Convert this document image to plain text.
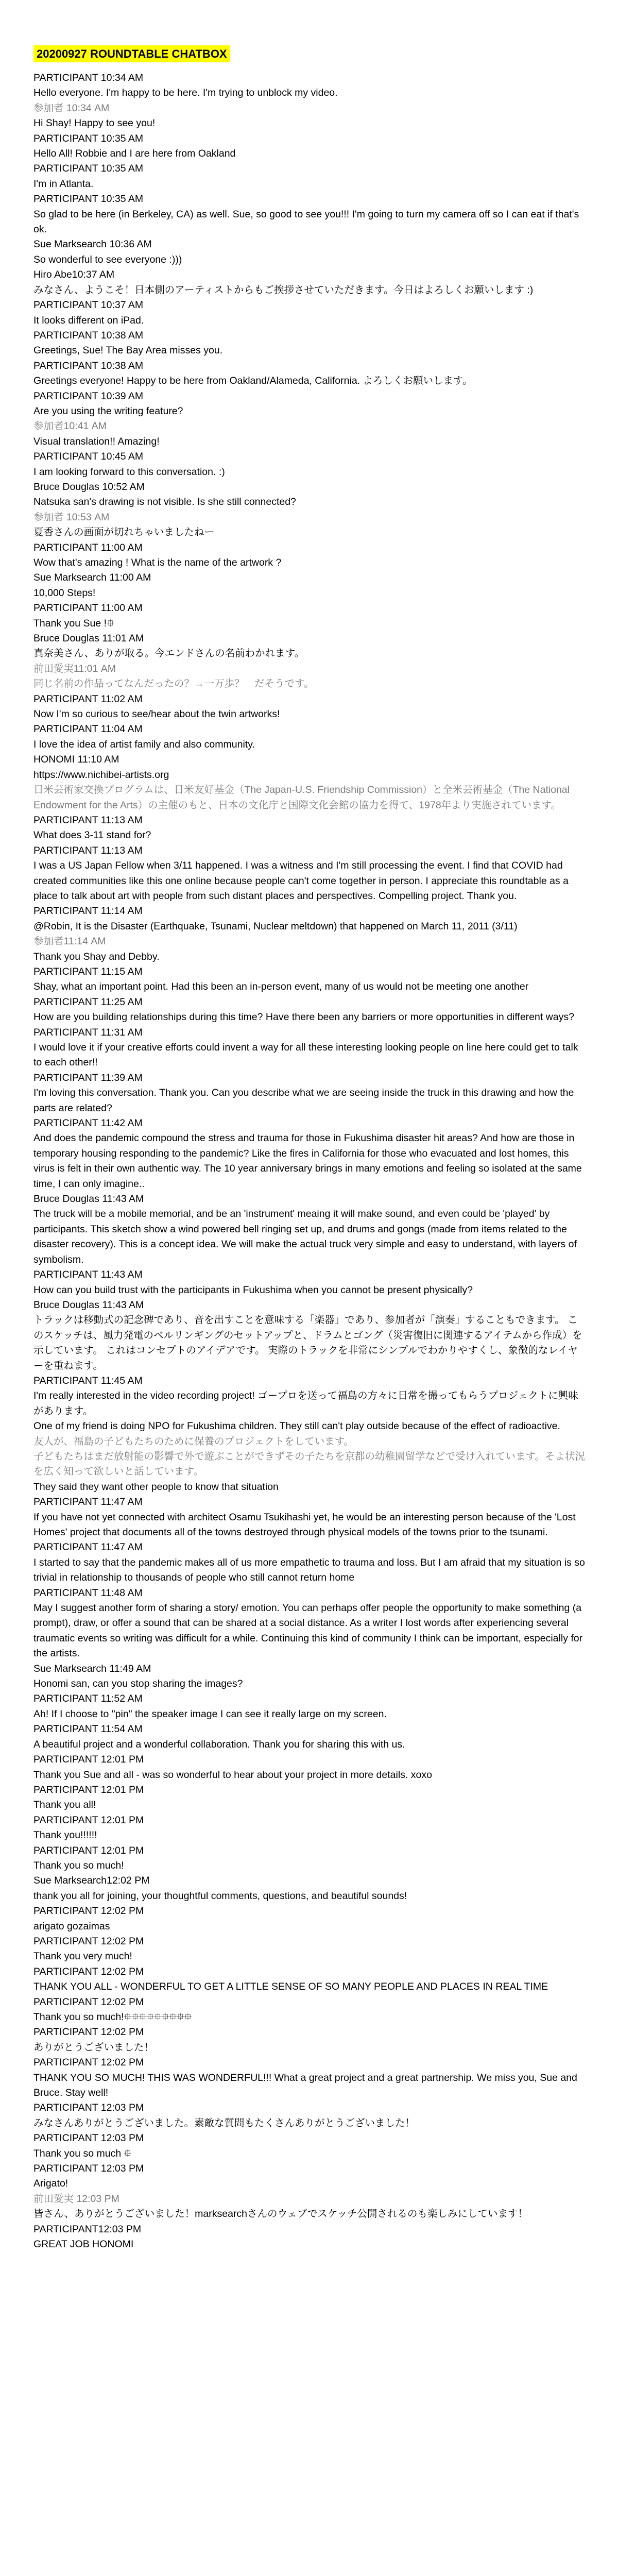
20200927 ROUNDTABLE CHATBOX

PARTICIPANT 10:34 AM

Hello everyone. I'm happy to be here. I'm trying to unblock my video.

参加者 10:34 AM

Hi Shay! Happy to see you!

PARTICIPANT 10:35 AM

Hello All! Robbie and I are here from Oakland

PARTICIPANT 10:35 AM

I'm in Atlanta.

PARTICIPANT 10:35 AM

So glad to be here (in Berkeley, CA) as well. Sue, so good to see you!!! I'm going to turn my camera off so I can eat if that's ok.

Sue Marksearch 10:36 AM

So wonderful to see everyone :)))

Hiro Abe10:37 AM

みなさん、ようこそ！日本側のアーティストからもご挨拶させていただきます。今日はよろしくお願いします :)

PARTICIPANT 10:37 AM

It looks different on iPad.

PARTICIPANT 10:38 AM

Greetings, Sue! The Bay Area misses you.

PARTICIPANT 10:38 AM

Greetings everyone! Happy to be here from Oakland/Alameda, California. よろしくお願いします。

PARTICIPANT 10:39 AM

Are you using the writing feature?

参加者10:41 AM

Visual translation!! Amazing!

PARTICIPANT 10:45 AM

I am looking forward to this conversation. :)

Bruce Douglas 10:52 AM

Natsuka san's drawing is not visible. Is she still connected?

参加者 10:53 AM

夏香さんの画面が切れちゃいましたねー

PARTICIPANT 11:00 AM

Wow that's amazing ! What is the name of the artwork ?

Sue Marksearch 11:00 AM

10,000 Steps!

PARTICIPANT 11:00 AM

Thank you Sue !⯐

Bruce Douglas 11:01 AM

真奈美さん、ありが取る。今エンドさんの名前わかれます。

前田愛実11:01 AM

同じ名前の作品ってなんだったの？→一万歩？　だそうです。

PARTICIPANT 11:02 AM

Now I'm so curious to see/hear about the twin artworks!

PARTICIPANT 11:04 AM

I love the idea of artist family and also community.

HONOMI 11:10 AM

https://www.nichibei-artists.org

日米芸術家交換プログラムは、日米友好基金（The Japan-U.S. Friendship Commission）と全米芸術基金（The National Endowment for the Arts）の主催のもと、日本の文化庁と国際文化会館の協力を得て、1978年より実施されています。

PARTICIPANT 11:13 AM

What does 3-11 stand for?

PARTICIPANT 11:13 AM

I was a US Japan Fellow when 3/11 happened. I was a witness and I'm still processing the event. I find that COVID had created communities like this one online because people can't come together in person. I appreciate this roundtable as a place to talk about art with people from such distant places and perspectives. Compelling project. Thank you.

PARTICIPANT 11:14 AM

@Robin, It is the Disaster (Earthquake, Tsunami, Nuclear meltdown) that happened on March 11, 2011 (3/11)

参加者11:14 AM

Thank you Shay and Debby.

PARTICIPANT 11:15 AM

Shay, what an important point. Had this been an in-person event, many of us would not be meeting one another

PARTICIPANT 11:25 AM

How are you building relationships during this time? Have there been any barriers or more opportunities in different ways?

PARTICIPANT 11:31 AM

I would love it if your creative efforts could invent a way for all these interesting looking people on line here could get to talk to each other!!

PARTICIPANT 11:39 AM

I'm loving this conversation. Thank you. Can you describe what we are seeing inside the truck in this drawing and how the parts are related?

PARTICIPANT 11:42 AM

And does the pandemic compound the stress and trauma for those in Fukushima disaster hit areas? And how are those in temporary housing responding to the pandemic? Like the fires in California for those who evacuated and lost homes, this virus is felt in their own authentic way. The 10 year anniversary brings in many emotions and feeling so isolated at the same time, I can only imagine..

Bruce Douglas 11:43 AM

The truck will be a mobile memorial, and be an 'instrument' meaing it will make sound, and even could be 'played' by participants. This sketch show a wind powered bell ringing set up, and drums and gongs (made from items related to the disaster recovery). This is a concept idea. We will make the actual truck very simple and easy to understand, with layers of symbolism.

PARTICIPANT 11:43 AM

How can you build trust with the participants in Fukushima when you cannot be present physically?

Bruce Douglas 11:43 AM

トラックは移動式の記念碑であり、音を出すことを意味する「楽器」であり、参加者が「演奏」することもできます。 このスケッチは、風力発電のベルリンギングのセットアップと、ドラムとゴング（災害復旧に関連するアイテムから作成）を示しています。 これはコンセプトのアイデアです。 実際のトラックを非常にシンプルでわかりやすくし、象徴的なレイヤーを重ねます。

PARTICIPANT 11:45 AM

I'm really interested in the video recording project! ゴープロを送って福島の方々に日常を撮ってもらうプロジェクトに興味があります。

One of my friend is doing NPO for Fukushima children. They still can't play outside because of the effect of radioactive.

友人が、福島の子どもたちのために保養のプロジェクトをしています。

子どもたちはまだ放射能の影響で外で遊ぶことができずその子たちを京都の幼稚園留学などで受け入れています。そよ状況を広く知って欲しいと話しています。

They said they want other people to know that situation

PARTICIPANT 11:47 AM

If you have not yet connected with architect Osamu Tsukihashi yet, he would be an interesting person because of the 'Lost Homes' project that documents all of the towns destroyed through physical models of the towns prior to the tsunami.

PARTICIPANT 11:47 AM

I started to say that the pandemic makes all of us more empathetic to trauma and loss. But I am afraid that my situation is so trivial in relationship to thousands of people who still cannot return home

PARTICIPANT 11:48 AM

May I suggest another form of sharing a story/ emotion. You can perhaps offer people the opportunity to make something (a prompt), draw, or offer a sound that can be shared at a social distance. As a writer I lost words after experiencing several traumatic events so writing was difficult for a while. Continuing this kind of community I think can be important, especially for the artists.

Sue Marksearch 11:49 AM

Honomi san, can you stop sharing the images?

PARTICIPANT 11:52 AM

Ah! If I choose to "pin" the speaker image I can see it really large on my screen.

PARTICIPANT 11:54 AM

A beautiful project and a wonderful collaboration. Thank you for sharing this with us.

PARTICIPANT 12:01 PM

Thank you Sue and all - was so wonderful to hear about your project in more details. xoxo

PARTICIPANT 12:01 PM

Thank you all!

PARTICIPANT 12:01 PM

Thank you!!!!!!

PARTICIPANT 12:01 PM

Thank you so much!

Sue Marksearch12:02 PM

thank you all for joining, your thoughtful comments, questions, and beautiful sounds!

PARTICIPANT 12:02 PM

arigato gozaimas

PARTICIPANT 12:02 PM

Thank you very much!

PARTICIPANT 12:02 PM

THANK YOU ALL - WONDERFUL TO GET A LITTLE SENSE OF SO MANY PEOPLE AND PLACES IN REAL TIME

PARTICIPANT 12:02 PM

Thank you so much!⯐⯐⯐⯐⯐⯐⯐⯐⯐

PARTICIPANT 12:02 PM

ありがとうございました！

PARTICIPANT 12:02 PM

THANK YOU SO MUCH! THIS WAS WONDERFUL!!! What a great project and a great partnership. We miss you, Sue and Bruce. Stay well!

PARTICIPANT 12:03 PM

みなさんありがとうございました。素敵な質問もたくさんありがとうございました！

PARTICIPANT 12:03 PM

Thank you so much ⯐

PARTICIPANT 12:03 PM

Arigato!

前田愛実 12:03 PM

皆さん、ありがとうございました！marksearchさんのウェブでスケッチ公開されるのも楽しみにしています！

PARTICIPANT12:03 PM

GREAT JOB HONOMI
